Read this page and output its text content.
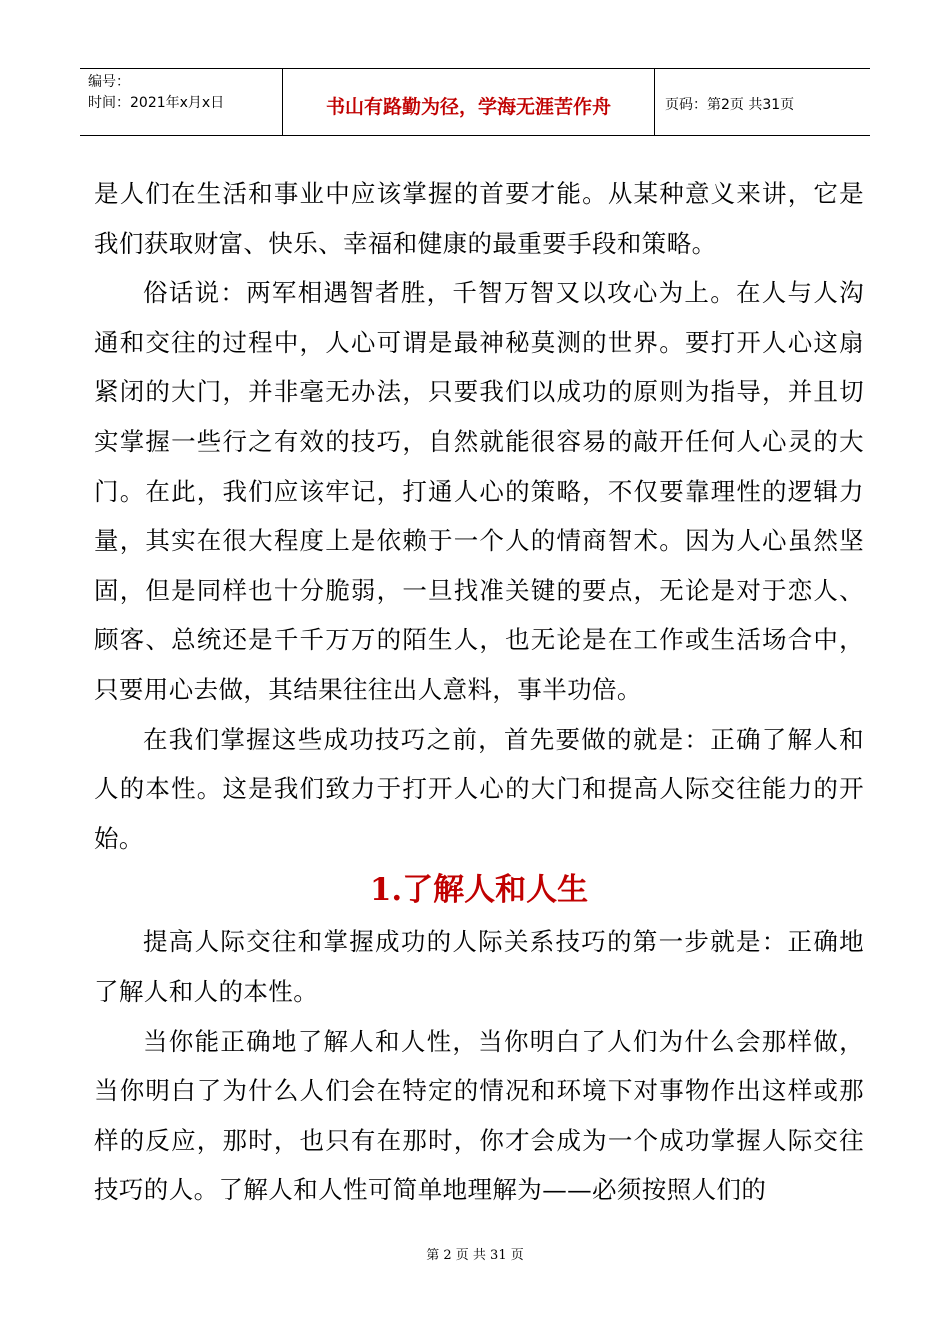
编号：
时间：2021年x月x日	书山有路勤为径，学海无涯苦作舟	页码：第2页 共31页

是人们在生活和事业中应该掌握的首要才能。从某种意义来讲，它是我们获取财富、快乐、幸福和健康的最重要手段和策略。

俗话说：两军相遇智者胜，千智万智又以攻心为上。在人与人沟通和交往的过程中，人心可谓是最神秘莫测的世界。要打开人心这扇紧闭的大门，并非毫无办法，只要我们以成功的原则为指导，并且切实掌握一些行之有效的技巧，自然就能很容易的敲开任何人心灵的大门。在此，我们应该牢记，打通人心的策略，不仅要靠理性的逻辑力量，其实在很大程度上是依赖于一个人的情商智术。因为人心虽然坚固，但是同样也十分脆弱，一旦找准关键的要点，无论是对于恋人、顾客、总统还是千千万万的陌生人，也无论是在工作或生活场合中，只要用心去做，其结果往往出人意料，事半功倍。

在我们掌握这些成功技巧之前，首先要做的就是：正确了解人和人的本性。这是我们致力于打开人心的大门和提高人际交往能力的开始。

1.了解人和人生

提高人际交往和掌握成功的人际关系技巧的第一步就是：正确地了解人和人的本性。

当你能正确地了解人和人性，当你明白了人们为什么会那样做，当你明白了为什么人们会在特定的情况和环境下对事物作出这样或那样的反应，那时，也只有在那时，你才会成为一个成功掌握人际交往技巧的人。了解人和人性可简单地理解为——必须按照人们的

第 2 页 共 31 页
